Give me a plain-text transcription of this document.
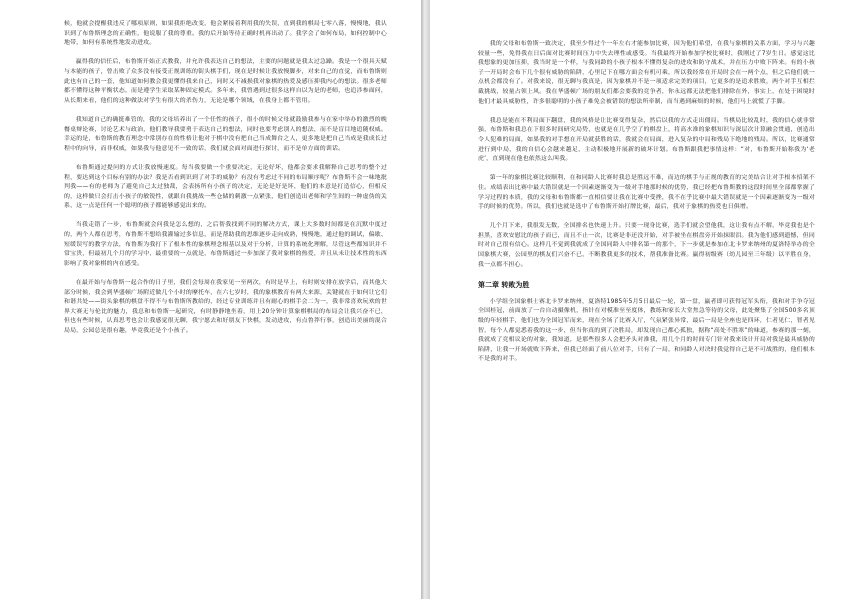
候，他就会提醒我违反了哪项原则，如果我拒绝改变，他会紧接着利用我的失误，直到我的棋局七零八落，慢慢地，我认识到了布鲁斯理念的正确性，他说服了我的尊重。我的后开始等待正确时机再出动了。我学会了如何布局，如何控制中心地带，如何有系统性地发动进攻。

赢得我的信任后，布鲁斯开始正式教我，并允许我表达自己的想法，主要的问题就是我太过急躁。我是一个很具天赋与本能的孩子，曾击败了众多没有接受正规训练的街头棋手们，现在是时候让我放慢脚步，对来自己的直觉，而布鲁斯则此也有自己的一套，他知道如何教会我更懂得我来自己，同时又不减损我对象棋的热爱及感压抑我内心的想法。很多老师都不懂得这种平衡状态，而是遵学生采取某种固定模式。多年来，我曾遇到过很多这样自以为是的老师，也追涉参面问，从长期来看，他们的这种做法对学生有很大的杀伤力，无论是哪个领域，在我身上都不管用。

我知道自己的确挺难管的，我的父母培养出了一个任性的孩子，很小的时候父母就鼓励我参与在家中举办的激烈的晚餐桌辩论赛，讨论艺术与政治，他们教导我要勇于表达自己的想法，同时也要考虑别人的想法，而不是盲目地追随权威。幸运的是，布鲁斯的教育理念中常别存在的性格让他对于棋中没有把自己当成舞台之人，更多地是把自己当成是我成长过程中的向导，而非权威，如果我与他意见不一致的话，我们就会面对面进行探讨，而不是单方面的训话。

布鲁斯通过提问的方式让我放慢速度。每当我要做一个重要决定，无论好坏，他都会要求我解释自己思考的整个过程，要达到这个目标有别的办法？我是否看到识到了对手的威胁？有没有考虑过不同的布局顺序呢？布鲁斯不会一味地批判我——有的老师为了避免自己太过独裁，会表扬所有小孩子的决定，无论是好是坏，他们的本意是打造信心，但相反的，这样做只会打击小孩子的敏锐性，就跟自我挑战一些仓储的刺激一点紧张，他们创造出老师和学生间的一种虚伪的关系，这一点是任何一个聪明的孩子都能够感觉出来的。

当我走错了一步，布鲁斯就会问我是怎么想的，之后帮我找到不同的解决方式，课上大多数时间都是在沉默中度过的，两个人都在思考，布鲁斯不想给我灌输过多信息，而是帮助我的思维逐步走向成熟，慢慢地，通过他的调试，偏歇、短缓误写的教学方法，布鲁斯为我打下了根本性的象棋理念根基以及对于分析，计算的系统化理解，尽管这些都知识并不常宝贵，但最初几个月的学习中，最重要的一点就是，布鲁斯通过一步加深了我对象棋的热爱，并且从未让技术性的东西影响了我对象棋的内在感受。

在最开始与布鲁斯一起合作的日子里，我们会每周在我家见一至两次，有时是早上，有时则安排在放学后，而其他大部分时候，我会到华盛顿广场附近做几个小时的摩托车，在六七岁时，我的象棋教育有两大来源，关键就在于如何让它们和谐共处——街头象棋的棋盘不得不与布鲁斯所教给的，经过专业训练并且有耐心的棋手会二为一，我非常喜欢玩欢的世界大赛无与伦比的魅力，我总和布鲁斯一起研究，有时静静地坐着，用上20分钟计算象棋棋局的布局会让我兴奋不已，但也有些时候，认真思考也会让我感觉很无聊，我宁愿去和好朋友下快棋，发动进攻，有点鲁莽行事，创造出美丽的混合局局，公园总是很有趣，毕竟我还是个小孩子。

我的父母和布鲁斯一致决定，我至少得过个一年左右才能参加比赛，因为他们希望，在我与象棋的关系方面，学习与兴趣较量一些，免得我在日后面对比赛时间压力中失去理性或感受。当我最终开始参加学校比赛时，我刚过了7岁生日。感觉这比我想象的更加压抑，我当时是一个样，与我同龄的小孩子根本不懂得复杂的进攻和防守战术，并在压力中败下阵来。有的小孩子一开局时会布下几个很有威胁的陷阱，心里记下在哪方面会有机可乘，所以我经常在开局时会在一两个点，但之后他们就一点机会都没有了。对我来说，很无聊与我真是，因为象棋并不是一项适求完美的项目，它更多的是追求胜败，两个对手互相拦截挑战，较量占领上风。我在华盛顿广场的朋友们都会要我的竞争者，你永远都无法把他们排除在外，事实上，在处于困境时他们才最具威胁性，许多很聪明的小孩子难免会被错误的想法所牵制，而当遇到麻烦的时候，他们马上就慌了手脚。

我总是能在不利局面下翻盘，我的风格是让比赛变得复杂，然后以我的方式走出僵局。当棋局比较乱时，我的信心就非常强，布鲁斯和我总在下很多时间研究局势，也就是在几乎空了的棋盘上，将高水准的象棋知识与深层次计算融会贯通，创造出令人犯难的局面，如果我的对手想在开局就获胜的话，我就会在局面，进入复杂的中局和残局下绝地的残局。所以，比赛通常进行到中局，我的自信心会越来越足，主动积极地开展新的破坏计划。布鲁斯跟我把事情这样：“对，布鲁斯开始称我为‘老虎’，直到现在他也依然这么叫我。

第一年的象棋比赛比较顺利，在和同龄人比赛时我总是胜远不难，而边的棋手与正规的教育的完美结合让对手根本招架不住。成绩表出比赛中最大错误就是一个因素逐渐变为一级对手地那时候的优势，我已经把布鲁斯教的这段时间里全部都掌握了学习过程的本质，我的父母和布鲁斯都一直相信要让我在比赛中受挫，我不在乎比赛中最大错误就是一个因素逐渐变为一级对手的时候的优势。所以，我们也就是选中了布鲁斯开始打牌比赛，最后，我对于象棋的热爱也日俱增。

几个月下来，我很发无数，全国排名也快速上升。只要一现身比赛，选手们就会望他我，这让我有点不解，毕竟我也是个担黑，喜欢安慰比的孩子而已，而且不止一次，比赛是非还没开始，对手被坐在棋盘旁开始抹眼泪。我为他们感到遗憾，但同时对自己很有信心。这样几不觉到我就成了全国同龄人中排名第一的那个，下一步就是参加在北卡罗来纳州的夏洛特举办的全国象棋大赛，公园里的棋友们兴奋不已，不断教我更多的技术，帮我准备比赛。赢得初级赛（幼儿园至三年级）以平胜在身，我一点都不担心。

第二章 转败为胜

小学组全国象棋士赛北卡罗来纳州，夏洛特1985年5月5日最后一轮，第一盘，赢者即可获得冠军头衔，我和对手争夺冠全国桂冠，前面放了一台自动摄像机，指针在对模准至至度体，教练和家长大堂焦急等待的父母，此处聚集了全国500多名顶级的年轻棋手，他们也为全国冠军而来，现在全场了比赛入厅，气氛紧张异常，最后一局是全座也是四环，仁者见仁，智者见智，每个人都觉悉着我的这一步，但当你真的到了决胜局，却发现自己都心孤独，据称“高处不胜寒”的味道，参赛的那一刻，我就成了竞相议论的对象，我知道，是那些很多人会把矛头对准我，用几个月的时间专门针对我来设计开局对我是最具威胁的陷阱，让我一开场就败下阵来，但我已经面了前八位对手，只有了一局，和同龄人对决时我觉得自己是不可战胜的，他们根本不是我的对手。
